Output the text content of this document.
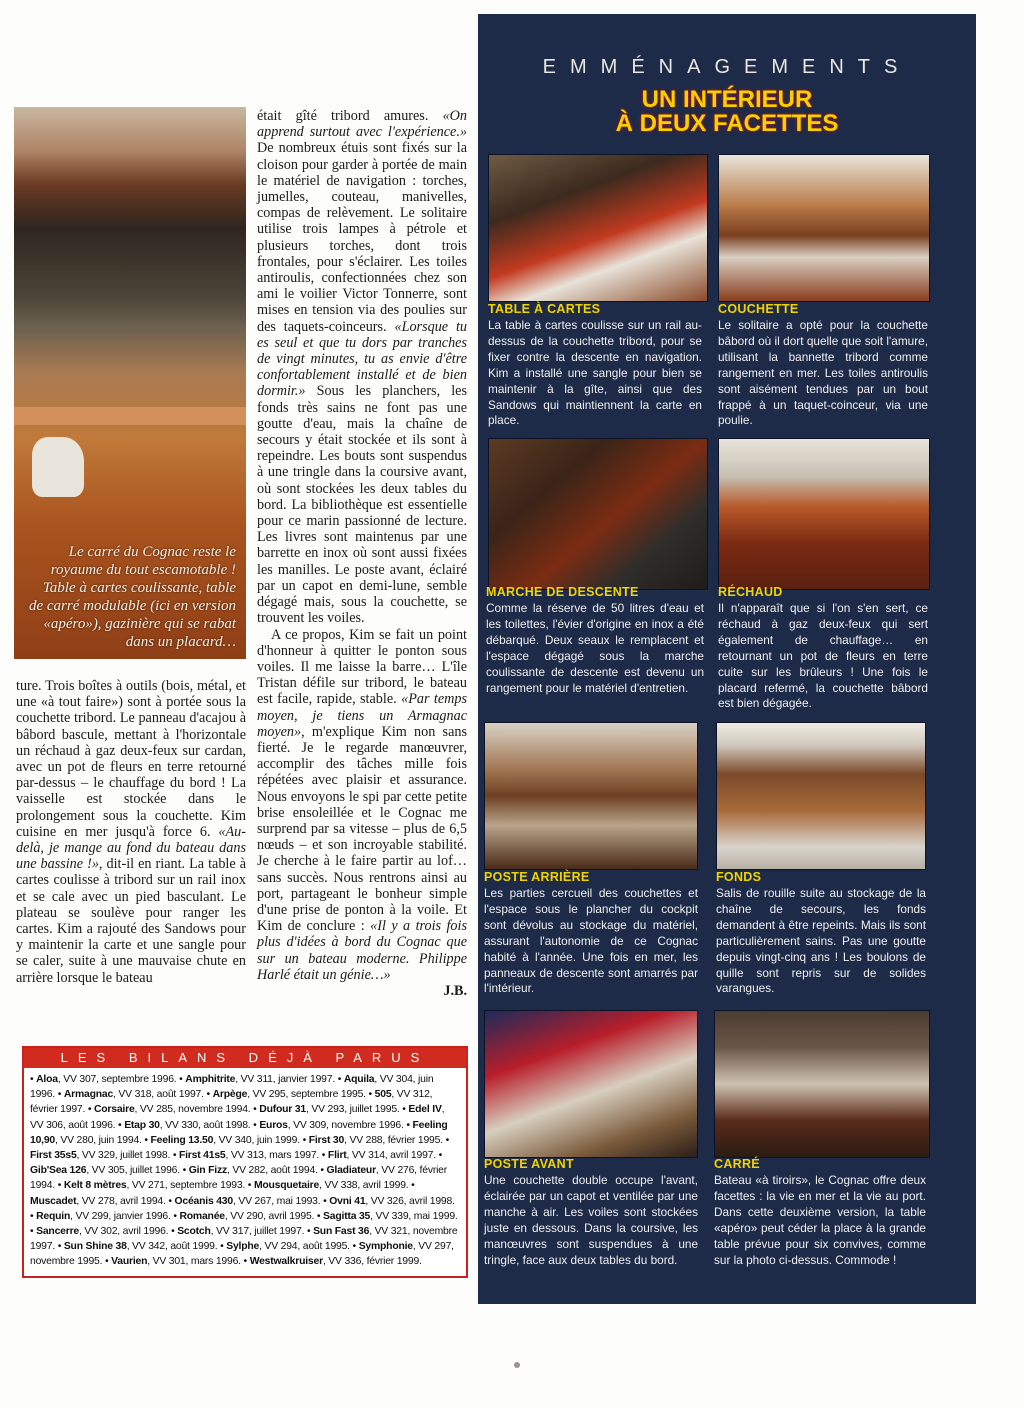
Le carré du Cognac reste le royaume du tout escamotable ! Table à cartes coulissante, table de carré modulable (ici en version «apéro»), gazinière qui se rabat dans un placard…

était gîté tribord amures. «On apprend surtout avec l'expérience.» De nombreux étuis sont fixés sur la cloison pour garder à portée de main le matériel de navigation : torches, jumelles, couteau, manivelles, compas de relèvement. Le solitaire utilise trois lampes à pétrole et plusieurs torches, dont trois frontales, pour s'éclairer. Les toiles antiroulis, confectionnées chez son ami le voilier Victor Tonnerre, sont mises en tension via des poulies sur des taquets-coinceurs. «Lorsque tu es seul et que tu dors par tranches de vingt minutes, tu as envie d'être confortablement installé et de bien dormir.» Sous les planchers, les fonds très sains ne font pas une goutte d'eau, mais la chaîne de secours y était stockée et ils sont à repeindre. Les bouts sont suspendus à une tringle dans la coursive avant, où sont stockées les deux tables du bord. La bibliothèque est essentielle pour ce marin passionné de lecture. Les livres sont maintenus par une barrette en inox où sont aussi fixées les manilles. Le poste avant, éclairé par un capot en demi-lune, semble dégagé mais, sous la couchette, se trouvent les voiles.

A ce propos, Kim se fait un point d'honneur à quitter le ponton sous voiles. Il me laisse la barre… L'île Tristan défile sur tribord, le bateau est facile, rapide, stable. «Par temps moyen, je tiens un Armagnac moyen», m'explique Kim non sans fierté. Je le regarde manœuvrer, accomplir des tâches mille fois répétées avec plaisir et assurance. Nous envoyons le spi par cette petite brise ensoleillée et le Cognac me surprend par sa vitesse – plus de 6,5 nœuds – et son incroyable stabilité. Je cherche à le faire partir au lof… sans succès. Nous rentrons ainsi au port, partageant le bonheur simple d'une prise de ponton à la voile. Et Kim de conclure : «Il y a trois fois plus d'idées à bord du Cognac que sur un bateau moderne. Philippe Harlé était un génie…»

J.B.

ture. Trois boîtes à outils (bois, métal, et une «à tout faire») sont à portée sous la couchette tribord. Le panneau d'acajou à bâbord bascule, mettant à l'horizontale un réchaud à gaz deux-feux sur cardan, avec un pot de fleurs en terre retourné par-dessus – le chauffage du bord ! La vaisselle est stockée dans le prolongement sous la couchette. Kim cuisine en mer jusqu'à force 6. «Au-delà, je mange au fond du bateau dans une bassine !», dit-il en riant. La table à cartes coulisse à tribord sur un rail inox et se cale avec un pied basculant. Le plateau se soulève pour ranger les cartes. Kim a rajouté des Sandows pour y maintenir la carte et une sangle pour se caler, suite à une mauvaise chute en arrière lorsque le bateau

LES BILANS DÉJÀ PARUS
• Aloa, VV 307, septembre 1996. • Amphitrite, VV 311, janvier 1997. • Aquila, VV 304, juin 1996. • Armagnac, VV 318, août 1997. • Arpège, VV 295, septembre 1995. • 505, VV 312, février 1997. • Corsaire, VV 285, novembre 1994. • Dufour 31, VV 293, juillet 1995. • Edel IV, VV 306, août 1996. • Etap 30, VV 330, août 1998. • Euros, VV 309, novembre 1996. • Feeling 10,90, VV 280, juin 1994. • Feeling 13.50, VV 340, juin 1999. • First 30, VV 288, février 1995. • First 35s5, VV 329, juillet 1998. • First 41s5, VV 313, mars 1997. • Flirt, VV 314, avril 1997. • Gib'Sea 126, VV 305, juillet 1996. • Gin Fizz, VV 282, août 1994. • Gladiateur, VV 276, février 1994. • Kelt 8 mètres, VV 271, septembre 1993. • Mousquetaire, VV 338, avril 1999. • Muscadet, VV 278, avril 1994. • Océanis 430, VV 267, mai 1993. • Ovni 41, VV 326, avril 1998. • Requin, VV 299, janvier 1996. • Romanée, VV 290, avril 1995. • Sagitta 35, VV 339, mai 1999. • Sancerre, VV 302, avril 1996. • Scotch, VV 317, juillet 1997. • Sun Fast 36, VV 321, novembre 1997. • Sun Shine 38, VV 342, août 1999. • Sylphe, VV 294, août 1995. • Symphonie, VV 297, novembre 1995. • Vaurien, VV 301, mars 1996. • Westwalkruiser, VV 336, février 1999.
EMMÉNAGEMENTS
UN INTÉRIEUR
À DEUX FACETTES
TABLE À CARTES
La table à cartes coulisse sur un rail au-dessus de la couchette tribord, pour se fixer contre la descente en navigation. Kim a installé une sangle pour bien se maintenir à la gîte, ainsi que des Sandows qui maintiennent la carte en place.
COUCHETTE
Le solitaire a opté pour la couchette bâbord où il dort quelle que soit l'amure, utilisant la bannette tribord comme rangement en mer. Les toiles antiroulis sont aisément tendues par un bout frappé à un taquet-coinceur, via une poulie.
MARCHE DE DESCENTE
Comme la réserve de 50 litres d'eau et les toilettes, l'évier d'origine en inox a été débarqué. Deux seaux le remplacent et l'espace dégagé sous la marche coulissante de descente est devenu un rangement pour le matériel d'entretien.
RÉCHAUD
Il n'apparaît que si l'on s'en sert, ce réchaud à gaz deux-feux qui sert également de chauffage… en retournant un pot de fleurs en terre cuite sur les brûleurs ! Une fois le placard refermé, la couchette bâbord est bien dégagée.
POSTE ARRIÈRE
Les parties cercueil des couchettes et l'espace sous le plancher du cockpit sont dévolus au stockage du matériel, assurant l'autonomie de ce Cognac habité à l'année. Une fois en mer, les panneaux de descente sont amarrés par l'intérieur.
FONDS
Salis de rouille suite au stockage de la chaîne de secours, les fonds demandent à être repeints. Mais ils sont particulièrement sains. Pas une goutte depuis vingt-cinq ans ! Les boulons de quille sont repris sur de solides varangues.
POSTE AVANT
Une couchette double occupe l'avant, éclairée par un capot et ventilée par une manche à air. Les voiles sont stockées juste en dessous. Dans la coursive, les manœuvres sont suspendues à une tringle, face aux deux tables du bord.
CARRÉ
Bateau «à tiroirs», le Cognac offre deux facettes : la vie en mer et la vie au port. Dans cette deuxième version, la table «apéro» peut céder la place à la grande table prévue pour six convives, comme sur la photo ci-dessus. Commode !
